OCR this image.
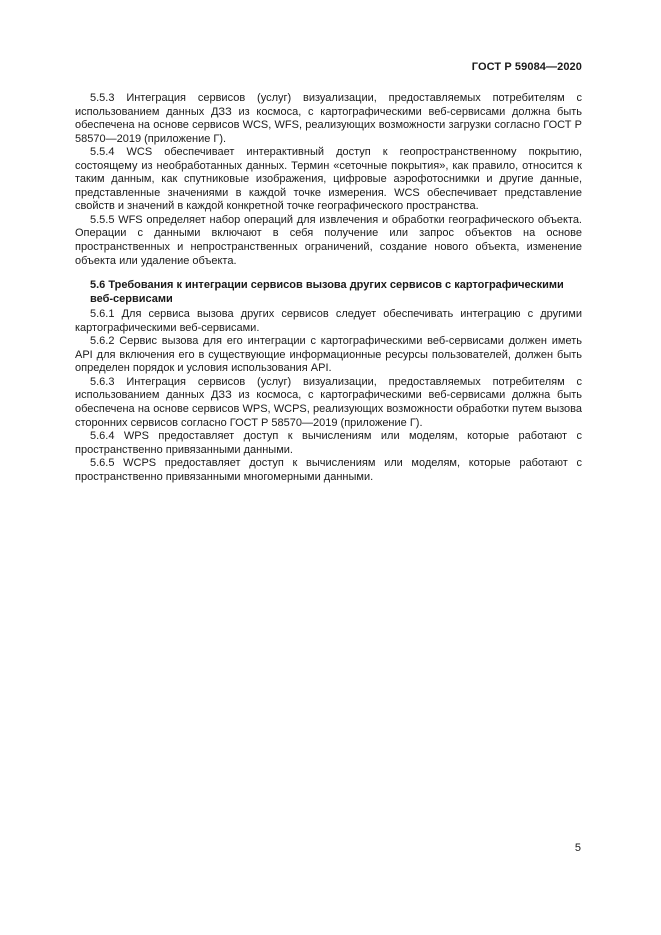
ГОСТ Р 59084—2020

5.5.3 Интеграция сервисов (услуг) визуализации, предоставляемых потребителям с использованием данных ДЗЗ из космоса, с картографическими веб-сервисами должна быть обеспечена на основе сервисов WCS, WFS, реализующих возможности загрузки согласно ГОСТ Р 58570—2019 (приложение Г).

5.5.4 WCS обеспечивает интерактивный доступ к геопространственному покрытию, состоящему из необработанных данных. Термин «сеточные покрытия», как правило, относится к таким данным, как спутниковые изображения, цифровые аэрофотоснимки и другие данные, представленные значениями в каждой точке измерения. WCS обеспечивает представление свойств и значений в каждой конкретной точке географического пространства.

5.5.5 WFS определяет набор операций для извлечения и обработки географического объекта. Операции с данными включают в себя получение или запрос объектов на основе пространственных и непространственных ограничений, создание нового объекта, изменение объекта или удаление объекта.

5.6 Требования к интеграции сервисов вызова других сервисов с картографическими веб-сервисами

5.6.1 Для сервиса вызова других сервисов следует обеспечивать интеграцию с другими картографическими веб-сервисами.

5.6.2 Сервис вызова для его интеграции с картографическими веб-сервисами должен иметь API для включения его в существующие информационные ресурсы пользователей, должен быть определен порядок и условия использования API.

5.6.3 Интеграция сервисов (услуг) визуализации, предоставляемых потребителям с использованием данных ДЗЗ из космоса, с картографическими веб-сервисами должна быть обеспечена на основе сервисов WPS, WCPS, реализующих возможности обработки путем вызова сторонних сервисов согласно ГОСТ Р 58570—2019 (приложение Г).

5.6.4 WPS предоставляет доступ к вычислениям или моделям, которые работают с пространственно привязанными данными.

5.6.5 WCPS предоставляет доступ к вычислениям или моделям, которые работают с пространственно привязанными многомерными данными.

5
